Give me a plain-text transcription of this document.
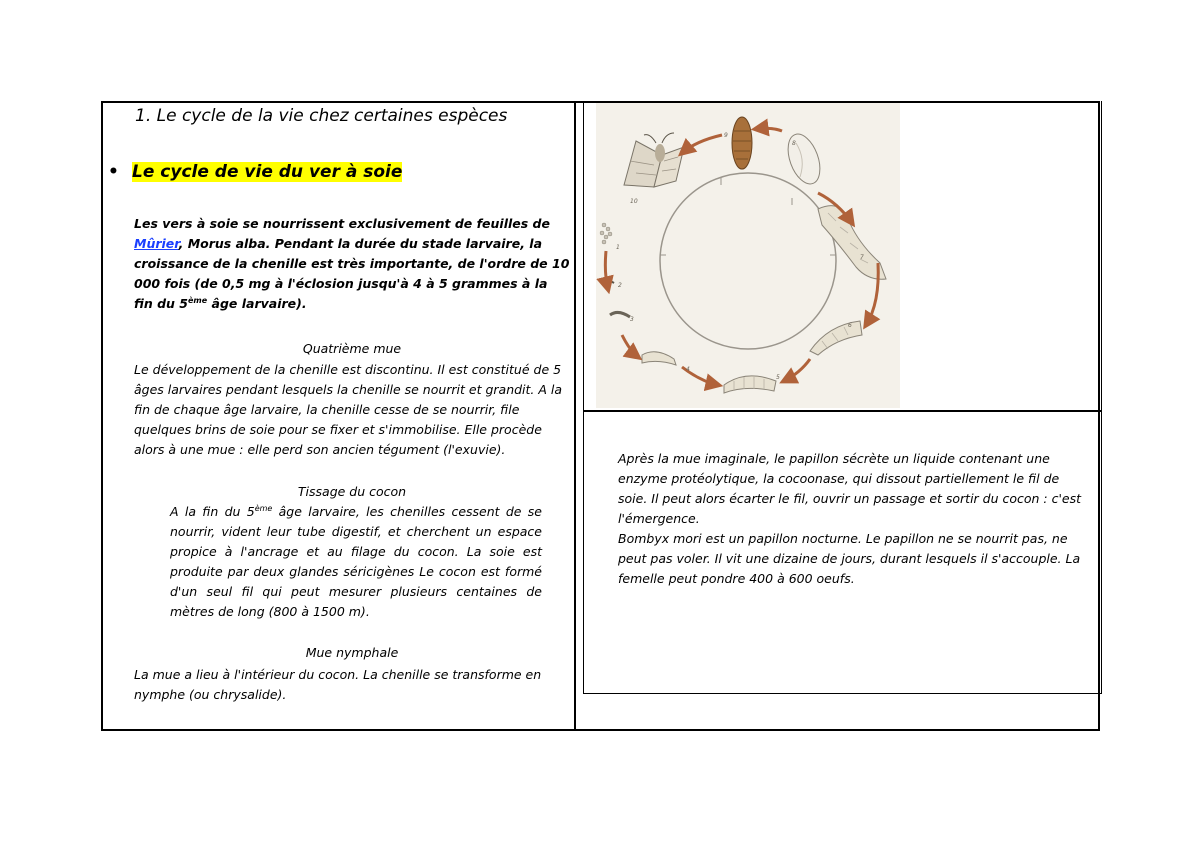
1. Le cycle de la vie chez certaines espèces
• Le cycle de vie du ver à soie
Les vers à soie se nourrissent exclusivement de feuilles de Mûrier, Morus alba. Pendant la durée du stade larvaire, la croissance de la chenille est très importante, de l'ordre de 10 000 fois (de 0,5 mg à l'éclosion jusqu'à 4 à 5 grammes à la fin du 5ème âge larvaire).
Quatrième mue
Le développement de la chenille est discontinu. Il est constitué de 5 âges larvaires pendant lesquels la chenille se nourrit et grandit. A la fin de chaque âge larvaire, la chenille cesse de se nourrir, file quelques brins de soie pour se fixer et s'immobilise. Elle procède alors à une mue : elle perd son ancien tégument (l'exuvie).
Tissage du cocon
A la fin du 5ème âge larvaire, les chenilles cessent de se nourrir, vident leur tube digestif, et cherchent un espace propice à l'ancrage et au filage du cocon. La soie est produite par deux glandes séricigènes Le cocon est formé d'un seul fil qui peut mesurer plusieurs centaines de mètres de long (800 à 1500 m).
Mue nymphale
La mue a lieu à l'intérieur du cocon. La chenille se transforme en nymphe (ou chrysalide).
1
2
3
4
5
6
7
8
9
10
Après la mue imaginale, le papillon sécrète un liquide contenant une enzyme protéolytique, la cocoonase, qui dissout partiellement le fil de soie. Il peut alors écarter le fil, ouvrir un passage et sortir du cocon : c'est l'émergence.
Bombyx mori est un papillon nocturne. Le papillon ne se nourrit pas, ne peut pas voler. Il vit une dizaine de jours, durant lesquels il s'accouple. La femelle peut pondre 400 à 600 oeufs.
